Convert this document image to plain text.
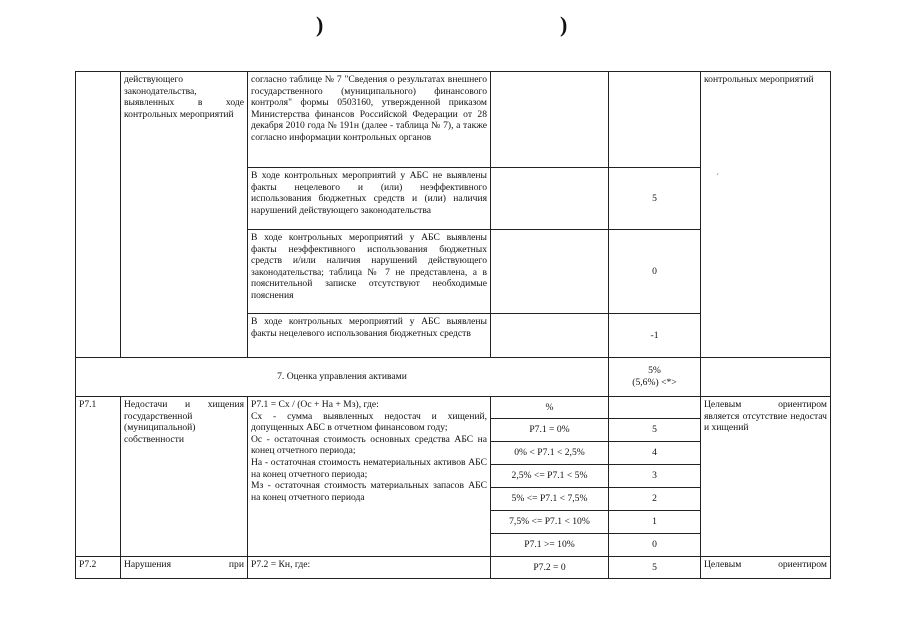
)	)
	действующего законодательства, выявленных в ходе контрольных мероприятий	согласно таблице № 7 "Сведения о результатах внешнего государственного (муниципального) финансового контроля" формы 0503160, утвержденной приказом Министерства финансов Российской Федерации от 28 декабря 2010 года № 191н (далее - таблица № 7), а также согласно информации контрольных органов			контрольных мероприятий
´

		В ходе контрольных мероприятий у АБС не выявлены факты нецелевого и (или) неэффективного использования бюджетных средств и (или) наличия нарушений действующего законодательства		5	
		В ходе контрольных мероприятий у АБС выявлены факты неэффективного использования бюджетных средств и/или наличия нарушений действующего законодательства; таблица № 7 не представлена, а в пояснительной записке отсутствуют необходимые пояснения		0	
		В ходе контрольных мероприятий у АБС выявлены факты нецелевого использования бюджетных средств		-1	
7. Оценка управления активами				5%
(5,6%) <*>	

P7.1	Недостачи и хищения государственной (муниципальной) собственности	P7.1 = Сх / (Ос + На + Мз), где:
Сх - сумма выявленных недостач и хищений, допущенных АБС в отчетном финансовом году;
Ос - остаточная стоимость основных средства АБС на конец отчетного периода;
На - остаточная стоимость нематериальных активов АБС на конец отчетного периода;
Мз - остаточная стоимость материальных запасов АБС на конец отчетного периода	%		Целевым ориентиром является отсутствие недостач и хищений
			P7.1 = 0%	5	
			0% < P7.1 < 2,5%	4	
			2,5% <= P7.1 < 5%	3	
			5% <= P7.1 < 7,5%	2	
			7,5% <= P7.1 < 10%	1	
			P7.1 >= 10%	0	
P7.2	Нарушения при	P7.2 = Кн, где:	P7.2 = 0	5	Целевым ориентиром
